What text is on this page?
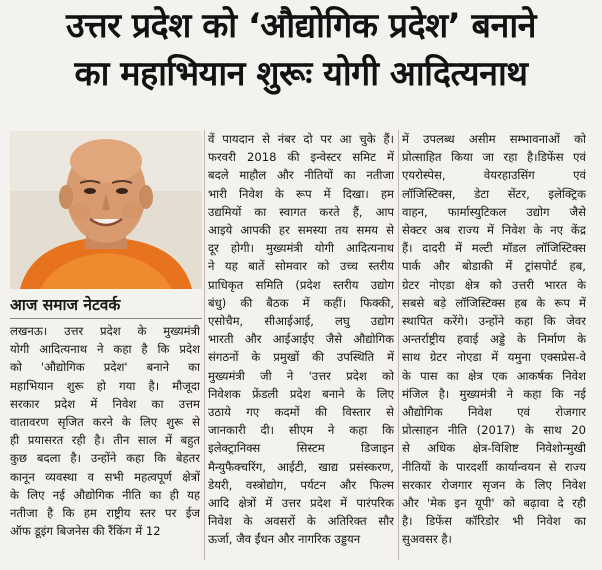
उत्तर प्रदेश को ‘औद्योगिक प्रदेश’ बनाने
का महाभियान शुरूः योगी आदित्यनाथ
आज समाज नेटवर्क
लखनऊ। उत्तर प्रदेश के मुख्यमंत्री
योगी आदित्यनाथ ने कहा है कि प्रदेश
को 'औद्योगिक प्रदेश' बनाने का
महाभियान शुरू हो गया है। मौजूदा
सरकार प्रदेश में निवेश का उत्तम
वातावरण सृजित करने के लिए शुरू से
ही प्रयासरत रही है। तीन साल में बहुत
कुछ बदला है। उन्होंने कहा कि बेहतर
कानून व्यवस्था व सभी महत्वपूर्ण क्षेत्रों
के लिए नई औद्योगिक नीति का ही यह
नतीजा है कि हम राष्ट्रीय स्तर पर ईज
ऑफ डूइंग बिजनेस की रैंकिंग में 12
वें पायदान से नंबर दो पर आ चुके हैं।
फरवरी 2018 की इन्वेस्टर समिट में
बदले माहौल और नीतियों का नतीजा
भारी निवेश के रूप में दिखा। हम
उद्यमियों का स्वागत करते हैं, आप
आइये आपकी हर समस्या तय समय से
दूर होगी। मुख्यमंत्री योगी आदित्यनाथ
ने यह बातें सोमवार को उच्च स्तरीय
प्राधिकृत समिति (प्रदेश स्तरीय उद्योग
बंधु) की बैठक में कहीं। फिक्की,
एसोचैम, सीआईआई, लघु उद्योग
भारती और आईआईए जैसे औद्योगिक
संगठनों के प्रमुखों की उपस्थिति में
मुख्यमंत्री जी ने 'उत्तर प्रदेश को
निवेशक फ्रेंडली प्रदेश बनाने के लिए
उठाये गए कदमों की विस्तार से
जानकारी दी। सीएम ने कहा कि
इलेक्ट्रानिक्स सिस्टम डिजाइन
मैन्युफैक्चरिंग, आईटी, खाद्य प्रसंस्करण,
डेयरी, वस्त्रोद्योग, पर्यटन और फिल्म
आदि क्षेत्रों में उत्तर प्रदेश में पारंपरिक
निवेश के अवसरों के अतिरिक्त सौर
ऊर्जा, जैव ईंधन और नागरिक उड्डयन
में उपलब्ध असीम सम्भावनाओं को
प्रोत्साहित किया जा रहा है।डिफेंस एवं
एयरोस्पेस, वेयरहाउसिंग एवं
लॉजिस्टिक्स, डेटा सेंटर, इलेक्ट्रिक
वाहन, फार्मास्युटिकल उद्योग जैसे
सेक्टर अब राज्य में निवेश के नए केंद्र
हैं। दादरी में मल्टी मॉडल लॉजिस्टिक्स
पार्क और बोडाकी में ट्रांसपोर्ट हब,
ग्रेटर नोएडा क्षेत्र को उत्तरी भारत के
सबसे बड़े लॉजिस्टिक्स हब के रूप में
स्थापित करेंगे। उन्होंने कहा कि जेवर
अन्तर्राष्ट्रीय हवाई अड्डे के निर्माण के
साथ ग्रेटर नोएडा में यमुना एक्सप्रेस-वे
के पास का क्षेत्र एक आकर्षक निवेश
मंजिल है। मुख्यमंत्री ने कहा कि नई
औद्योगिक निवेश एवं रोजगार
प्रोत्साहन नीति (2017) के साथ 20
से अधिक क्षेत्र-विशिष्ट निवेशोन्मुखी
नीतियों के पारदर्शी कार्यान्वयन से राज्य
सरकार रोजगार सृजन के लिए निवेश
और 'मेक इन यूपी' को बढ़ावा दे रही
है। डिफेंस कॉरिडोर भी निवेश का
सुअवसर है।
